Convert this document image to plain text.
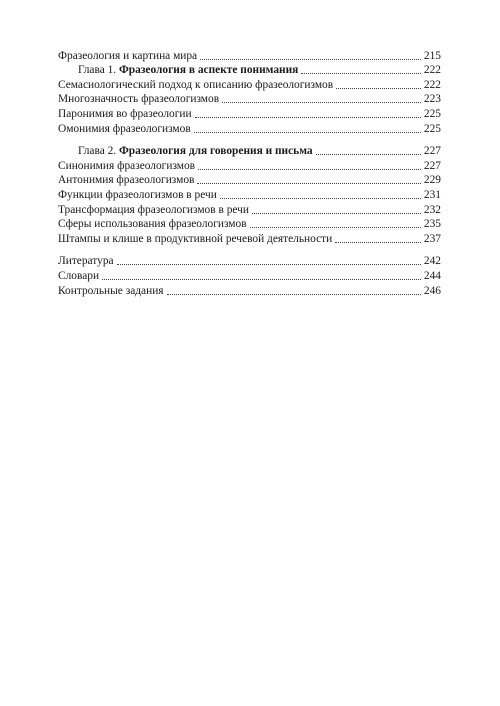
Фразеология и картина мира	215
Глава 1. Фразеология в аспекте понимания	222
Семасиологический подход к описанию фразеологизмов	222
Многозначность фразеологизмов	223
Паронимия во фразеологии	225
Омонимия фразеологизмов	225
Глава 2. Фразеология для говорения и письма	227
Синонимия фразеологизмов	227
Антонимия фразеологизмов	229
Функции фразеологизмов в речи	231
Трансформация фразеологизмов в речи	232
Сферы использования фразеологизмов	235
Штампы и клише в продуктивной речевой деятельности	237
Литература	242
Словари	244
Контрольные задания	246
